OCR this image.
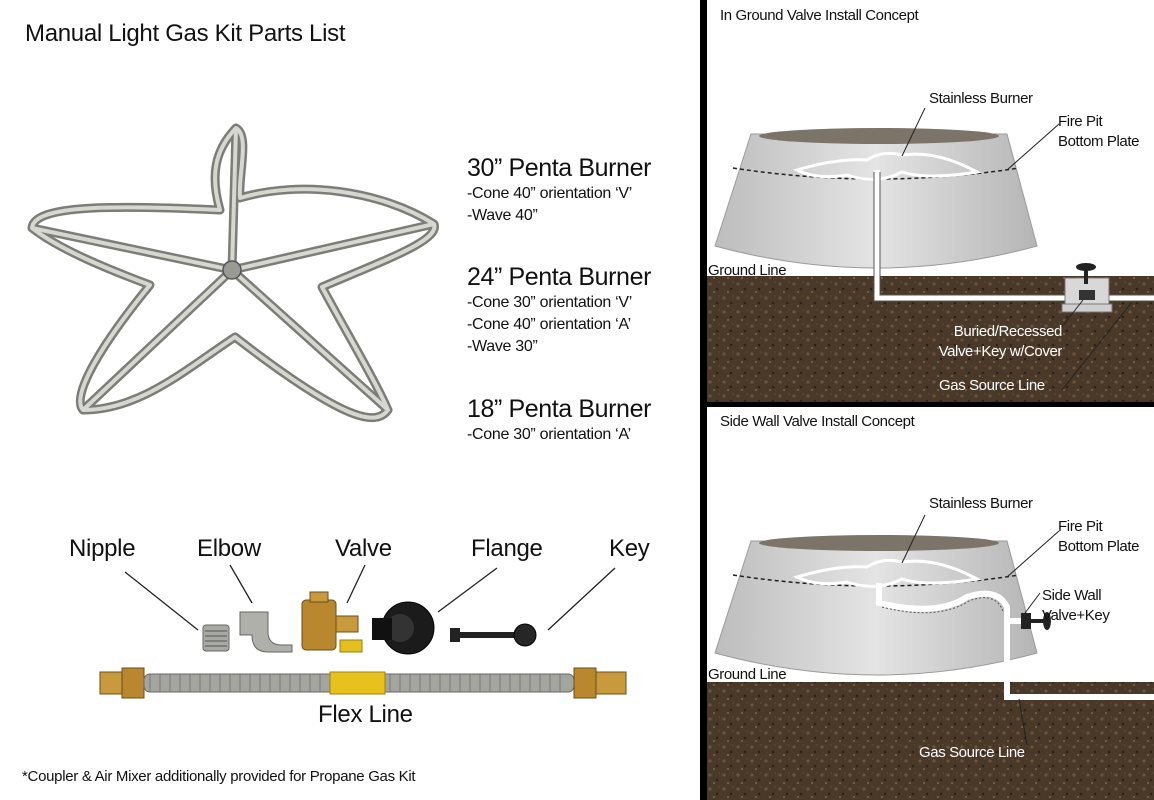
Manual Light Gas Kit Parts List
30” Penta Burner
-Cone 40” orientation ‘V’
-Wave 40”
24” Penta Burner
-Cone 30” orientation ‘V’
-Cone 40” orientation ‘A’
-Wave 30”
18” Penta Burner
-Cone 30” orientation ‘A’
Nipple	Elbow	Valve	Flange	Key
Flex Line
*Coupler & Air Mixer additionally provided for Propane Gas Kit
In Ground Valve Install Concept
Stainless Burner
Fire Pit
Bottom Plate
Ground Line
Buried/Recessed
Valve+Key w/Cover
Gas Source Line
Side Wall Valve Install Concept
Stainless Burner
Fire Pit
Bottom Plate
Side Wall
Valve+Key
Ground Line
Gas Source Line
